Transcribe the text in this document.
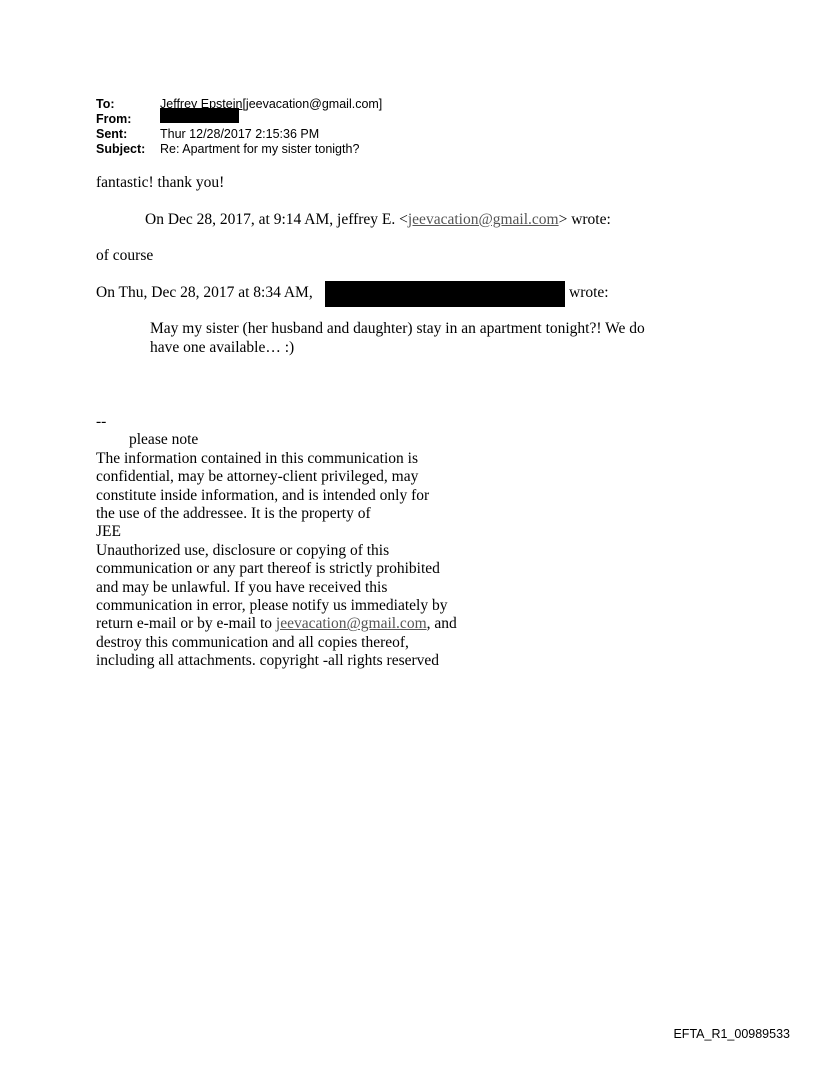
To:	Jeffrey Epstein[jeevacation@gmail.com]
From:
Sent:	Thur 12/28/2017 2:15:36 PM
Subject:	Re: Apartment for my sister tonigth?
fantastic! thank you!
On Dec 28, 2017, at 9:14 AM, jeffrey E. <jeevacation@gmail.com> wrote:
of course
On Thu, Dec 28, 2017 at 8:34 AM,	wrote:
May my sister (her husband and daughter) stay in an apartment tonight?! We do
have one available… :)
--
please note
The information contained in this communication is
confidential, may be attorney-client privileged, may
constitute inside information, and is intended only for
the use of the addressee. It is the property of
JEE
Unauthorized use, disclosure or copying of this
communication or any part thereof is strictly prohibited
and may be unlawful. If you have received this
communication in error, please notify us immediately by
return e-mail or by e-mail to jeevacation@gmail.com, and
destroy this communication and all copies thereof,
including all attachments. copyright -all rights reserved
EFTA_R1_00989533
